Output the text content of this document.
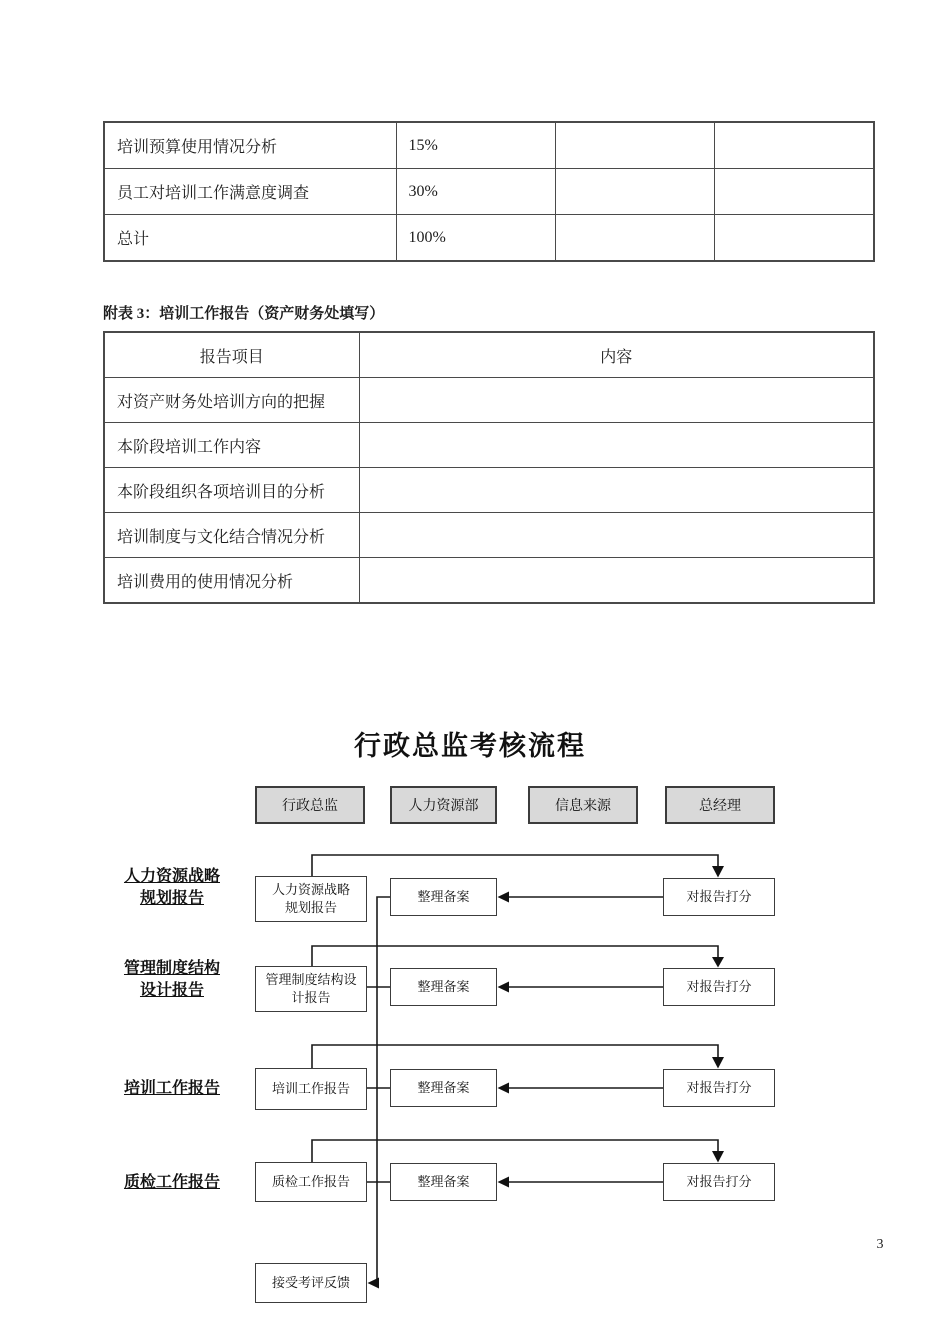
培训预算使用情况分析	15%		
员工对培训工作满意度调查	30%		
总计	100%		
附表 3：培训工作报告（资产财务处填写）
报告项目	内容
对资产财务处培训方向的把握	
本阶段培训工作内容	
本阶段组织各项培训目的分析	
培训制度与文化结合情况分析	
培训费用的使用情况分析	
行政总监考核流程
行政总监	人力资源部	信息来源	总经理
人力资源战略
规划报告
人力资源战略
规划报告
整理备案	对报告打分
管理制度结构
设计报告
管理制度结构设
计报告
整理备案	对报告打分
培训工作报告	培训工作报告	整理备案	对报告打分
质检工作报告	质检工作报告	整理备案	对报告打分
接受考评反馈
3
